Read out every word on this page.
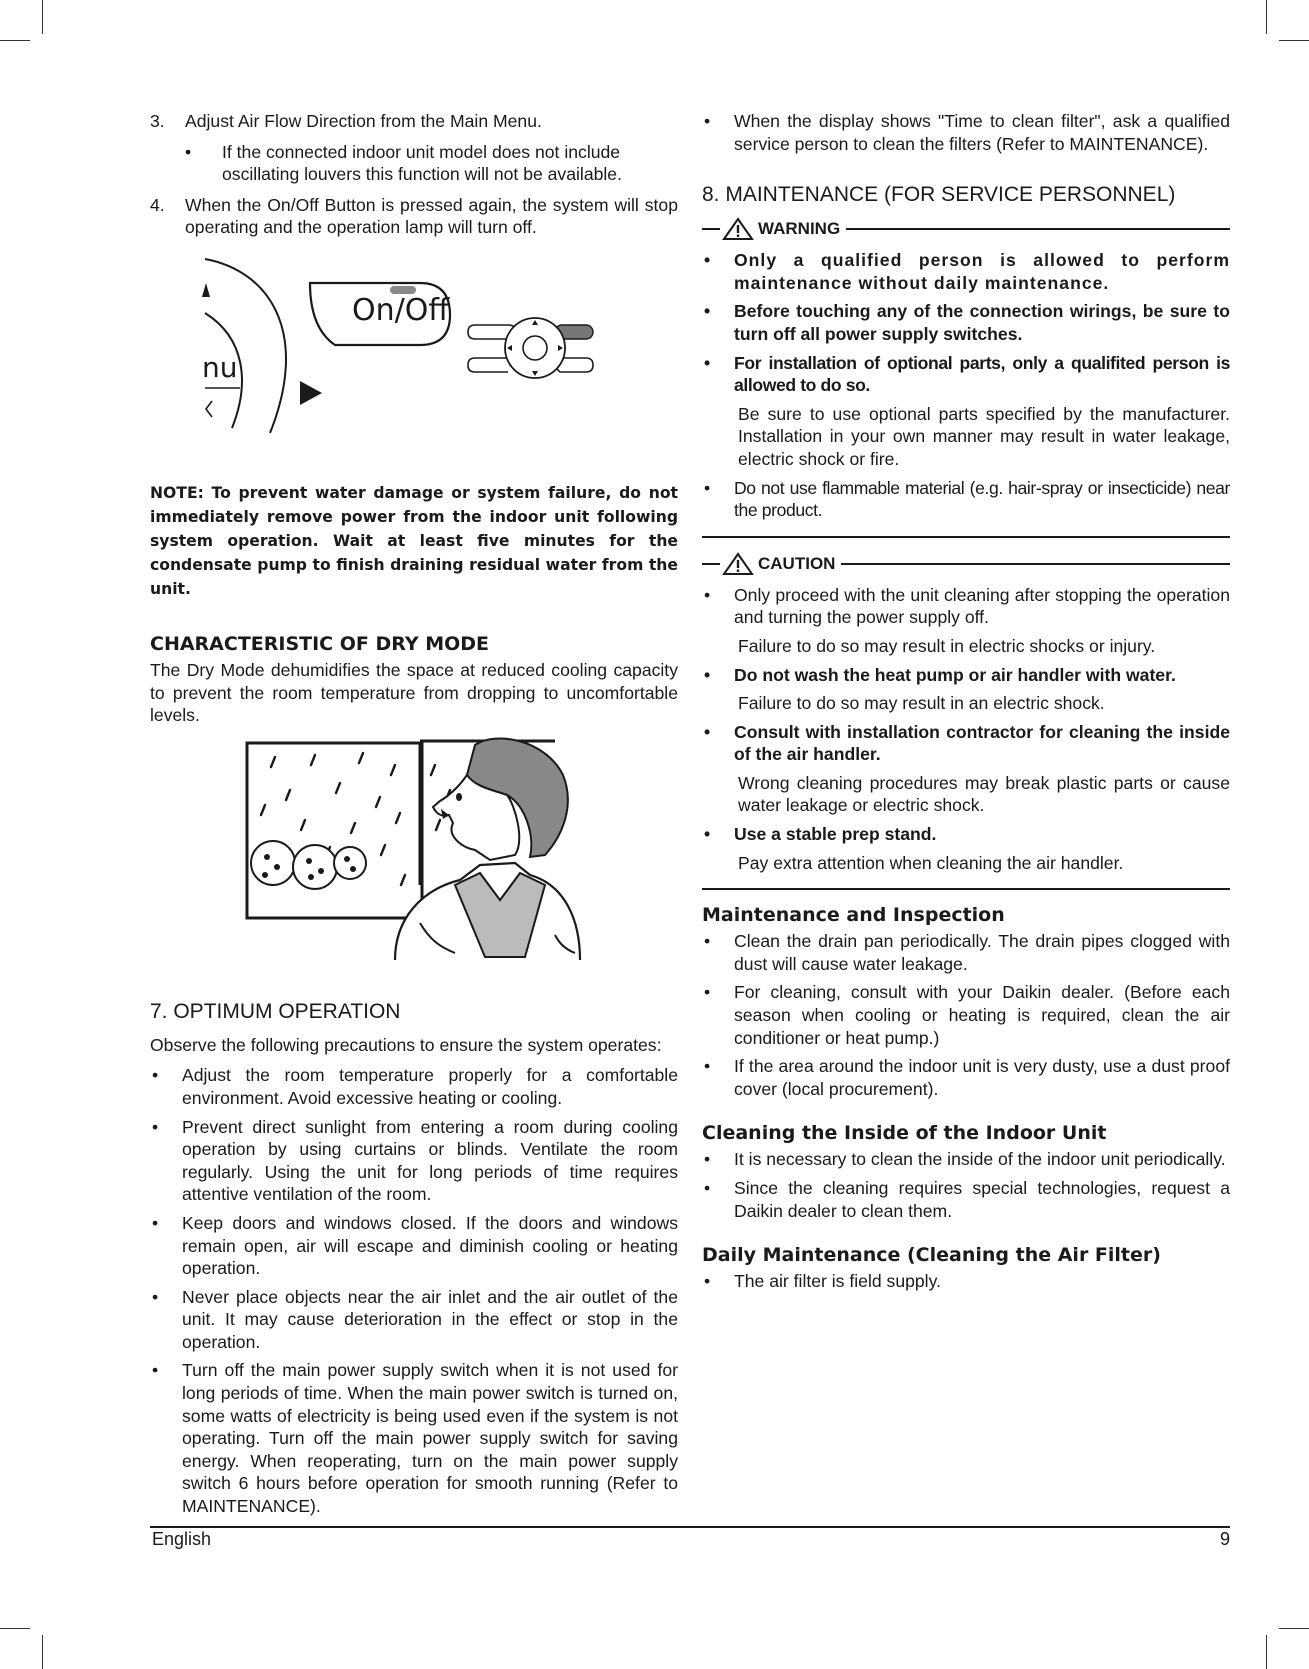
3. Adjust Air Flow Direction from the Main Menu.
• If the connected indoor unit model does not include oscillating louvers this function will not be available.
4. When the On/Off Button is pressed again, the system will stop operating and the operation lamp will turn off.
On/Off
nu

NOTE: To prevent water damage or system failure, do not immediately remove power from the indoor unit following system operation. Wait at least five minutes for the condensate pump to finish draining residual water from the unit.

CHARACTERISTIC OF DRY MODE

The Dry Mode dehumidifies the space at reduced cooling capacity to prevent the room temperature from dropping to uncomfortable levels.

7. OPTIMUM OPERATION

Observe the following precautions to ensure the system operates:

• Adjust the room temperature properly for a comfortable environment. Avoid excessive heating or cooling.
• Prevent direct sunlight from entering a room during cooling operation by using curtains or blinds. Ventilate the room regularly. Using the unit for long periods of time requires attentive ventilation of the room.
• Keep doors and windows closed. If the doors and windows remain open, air will escape and diminish cooling or heating operation.
• Never place objects near the air inlet and the air outlet of the unit. It may cause deterioration in the effect or stop in the operation.
• Turn off the main power supply switch when it is not used for long periods of time. When the main power switch is turned on, some watts of electricity is being used even if the system is not operating. Turn off the main power supply switch for saving energy. When reoperating, turn on the main power supply switch 6 hours before operation for smooth running (Refer to MAINTENANCE).
• When the display shows "Time to clean filter", ask a qualified service person to clean the filters (Refer to MAINTENANCE).
8. MAINTENANCE (FOR SERVICE PERSONNEL)
WARNING
• Only a qualified person is allowed to perform maintenance without daily maintenance.
• Before touching any of the connection wirings, be sure to turn off all power supply switches.
• For installation of optional parts, only a qualifited person is allowed to do so.
Be sure to use optional parts specified by the manufacturer. Installation in your own manner may result in water leakage, electric shock or fire.
• Do not use flammable material (e.g. hair-spray or insecticide) near the product.
CAUTION
• Only proceed with the unit cleaning after stopping the operation and turning the power supply off.
Failure to do so may result in electric shocks or injury.
• Do not wash the heat pump or air handler with water.
Failure to do so may result in an electric shock.
• Consult with installation contractor for cleaning the inside of the air handler.
Wrong cleaning procedures may break plastic parts or cause water leakage or electric shock.
• Use a stable prep stand.
Pay extra attention when cleaning the air handler.
Maintenance and Inspection
• Clean the drain pan periodically. The drain pipes clogged with dust will cause water leakage.
• For cleaning, consult with your Daikin dealer. (Before each season when cooling or heating is required, clean the air conditioner or heat pump.)
• If the area around the indoor unit is very dusty, use a dust proof cover (local procurement).
Cleaning the Inside of the Indoor Unit
• It is necessary to clean the inside of the indoor unit periodically.
• Since the cleaning requires special technologies, request a Daikin dealer to clean them.
Daily Maintenance (Cleaning the Air Filter)
• The air filter is field supply.
English	9
